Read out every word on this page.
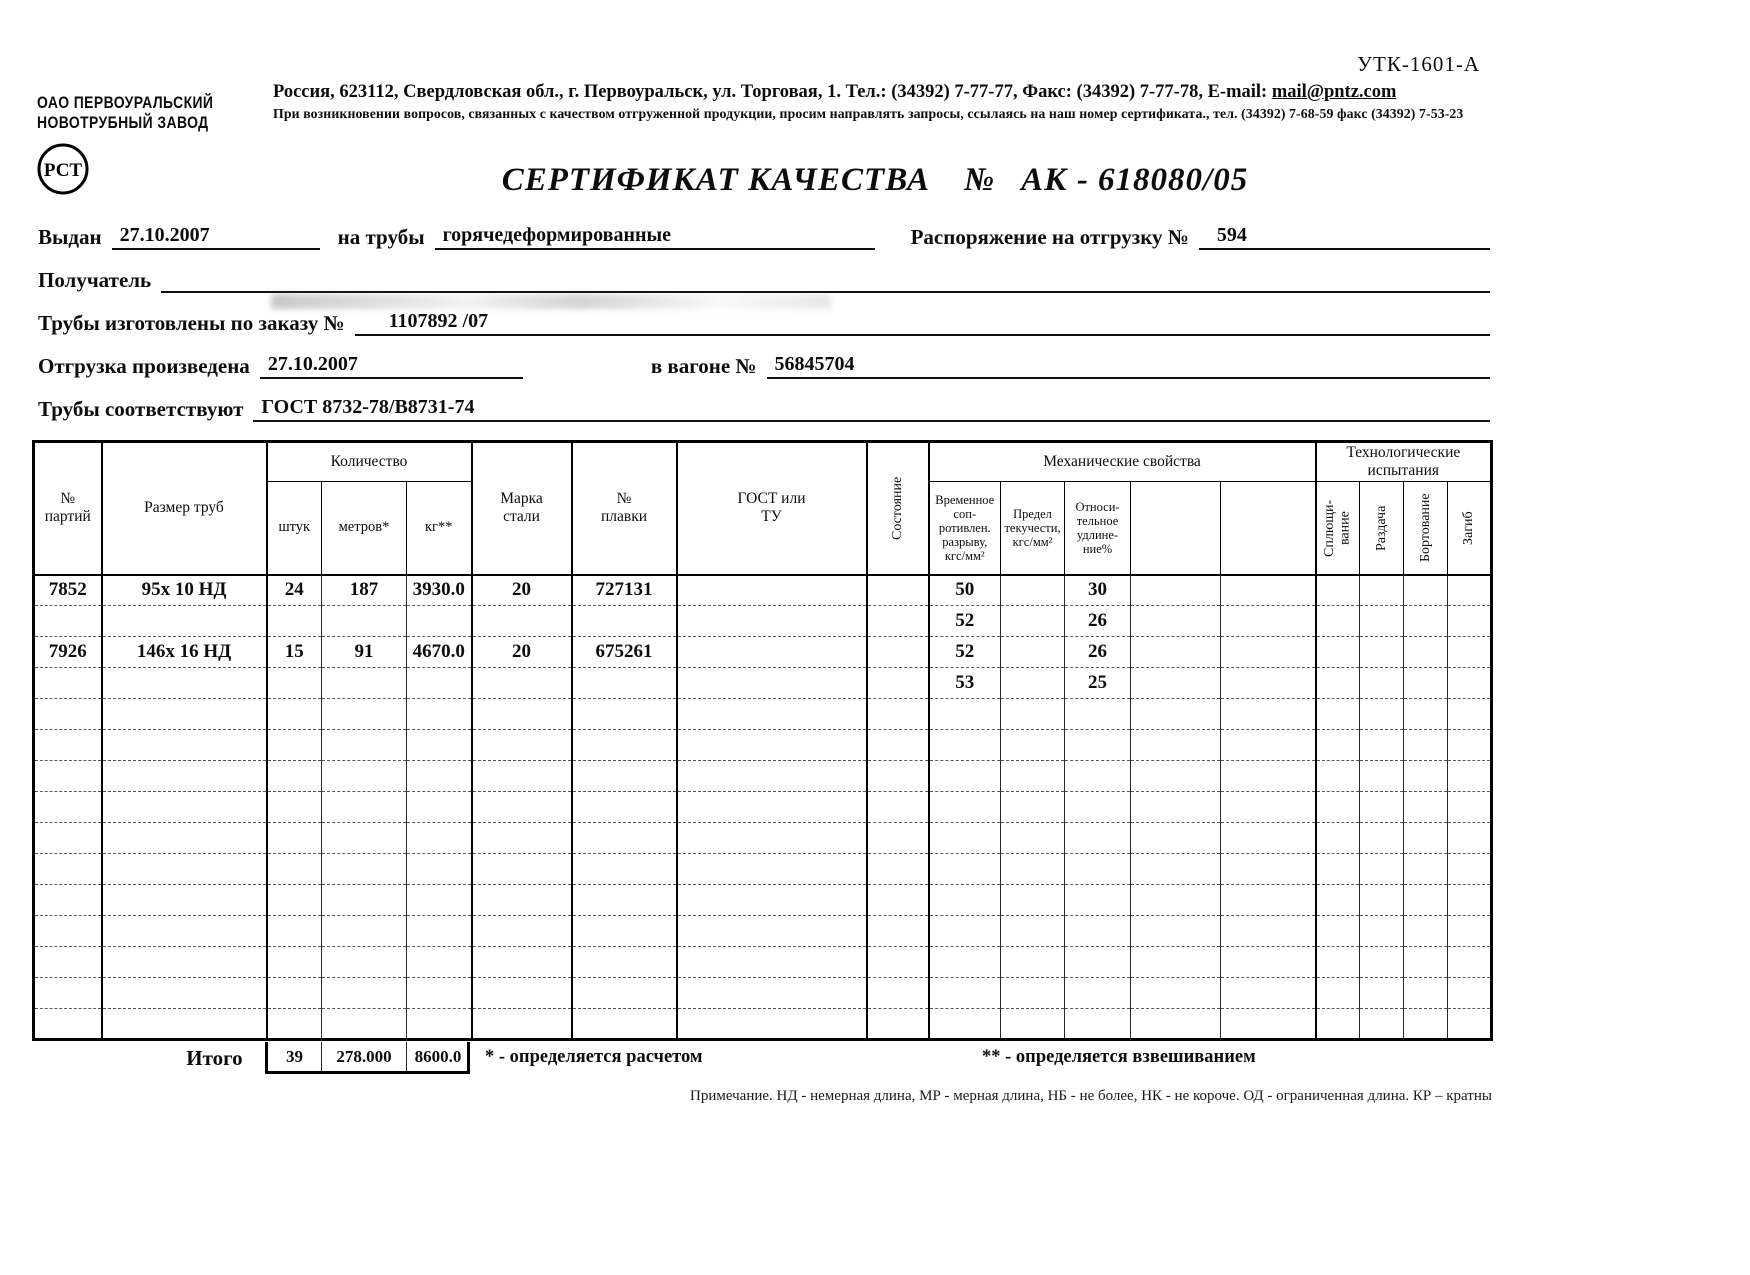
УТК-1601-А
ОАО ПЕРВОУРАЛЬСКИЙ
НОВОТРУБНЫЙ ЗАВОД
Россия, 623112, Свердловская обл., г. Первоуральск, ул. Торговая, 1. Тел.: (34392) 7-77-77, Факс: (34392) 7-77-78, E-mail: mail@pntz.com
При возникновении вопросов, связанных с качеством отгруженной продукции, просим направлять запросы, ссылаясь на наш номер сертификата., тел. (34392) 7-68-59 факс (34392) 7-53-23
РСТ	СЕРТИФИКАТ КАЧЕСТВА № АК - 618080/05
Выдан 27.10.2007	на трубы горячедеформированные	Распоряжение на отгрузку №	594
Получатель
Трубы изготовлены по заказу №	1107892 /07
Отгрузка произведена 27.10.2007	в вагоне № 56845704
Трубы соответствуют ГОСТ 8732-78/В8731-74
№ партий	Размер труб	Количество			Марка стали	№ плавки	ГОСТ или ТУ	Состояние	Механические свойства					Технологические испытания			
		штук	метров*	кг**					Временное сопротивлен. разрыву, кгс/мм²	Предел текучести, кгс/мм²	Относительное удлинение%			Сплющивание	Раздача	Бортование	Загиб

7852	95x 10 НД	24	187	3930.0	20	727131			50		30						
									52		26						
7926	146x 16 НД	15	91	4670.0	20	675261			52		26						
									53		25						

Итого	39	278.000	8600.0	* - определяется расчетом	** - определяется взвешиванием
Примечание. НД - немерная длина, МР - мерная длина, НБ - не более, НК - не короче. ОД - ограниченная длина. КР – кратны
